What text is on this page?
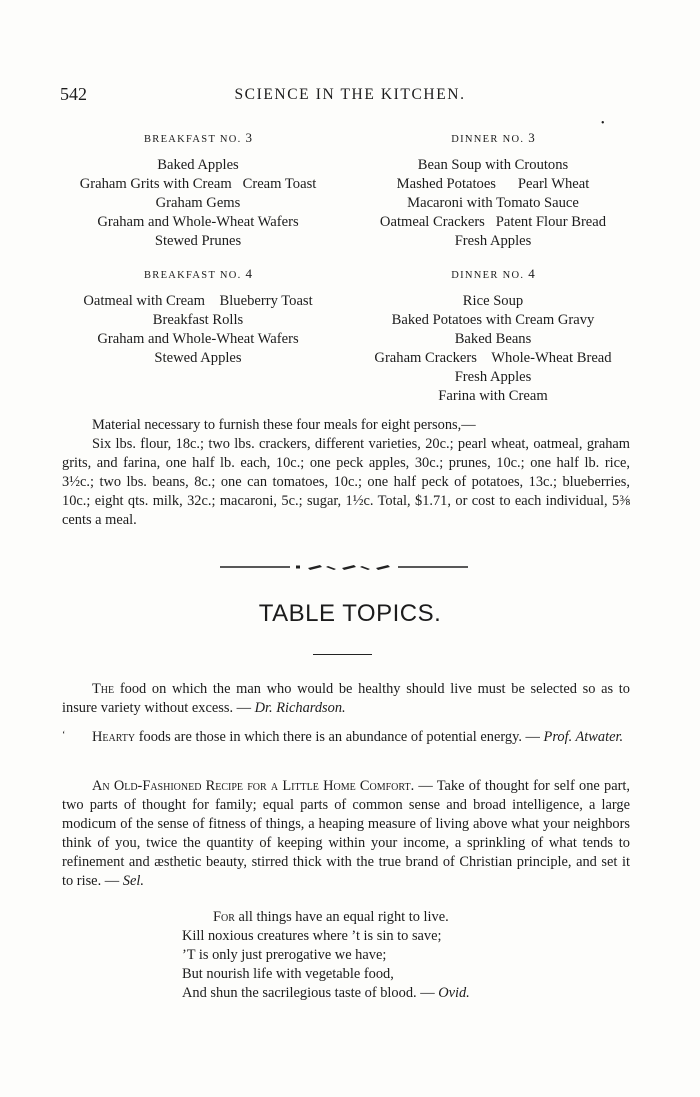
542	SCIENCE IN THE KITCHEN.
•
BREAKFAST NO. 3
Baked Apples
Graham Grits with Cream   Cream Toast
Graham Gems
Graham and Whole-Wheat Wafers
Stewed Prunes
DINNER NO. 3
Bean Soup with Croutons
Mashed Potatoes      Pearl Wheat
Macaroni with Tomato Sauce
Oatmeal Crackers   Patent Flour Bread
Fresh Apples
BREAKFAST NO. 4
Oatmeal with Cream    Blueberry Toast
Breakfast Rolls
Graham and Whole-Wheat Wafers
Stewed Apples
DINNER NO. 4
Rice Soup
Baked Potatoes with Cream Gravy
Baked Beans
Graham Crackers    Whole-Wheat Bread
Fresh Apples
Farina with Cream

Material necessary to furnish these four meals for eight persons,—

Six lbs. flour, 18c.; two lbs. crackers, different varieties, 20c.; pearl wheat, oatmeal, graham grits, and farina, one half lb. each, 10c.; one peck apples, 30c.; prunes, 10c.; one half lb. rice, 3½c.; two lbs. beans, 8c.; one can tomatoes, 10c.; one half peck of potatoes, 13c.; blueberries, 10c.; eight qts. milk, 32c.; macaroni, 5c.; sugar, 1½c. Total, $1.71, or cost to each individual, 5⅜ cents a meal.

TABLE TOPICS.

The food on which the man who would be healthy should live must be selected so as to insure variety without excess. — Dr. Richardson.

ʻ	Hearty foods are those in which there is an abundance of potential energy. — Prof. Atwater.

An Old-Fashioned Recipe for a Little Home Comfort. — Take of thought for self one part, two parts of thought for family; equal parts of common sense and broad intelligence, a large modicum of the sense of fitness of things, a heaping measure of living above what your neighbors think of you, twice the quantity of keeping within your income, a sprinkling of what tends to refinement and æsthetic beauty, stirred thick with the true brand of Christian principle, and set it to rise. — Sel.

For all things have an equal right to live.
Kill noxious creatures where ’t is sin to save;
’T is only just prerogative we have;
But nourish life with vegetable food,
And shun the sacrilegious taste of blood. — Ovid.
